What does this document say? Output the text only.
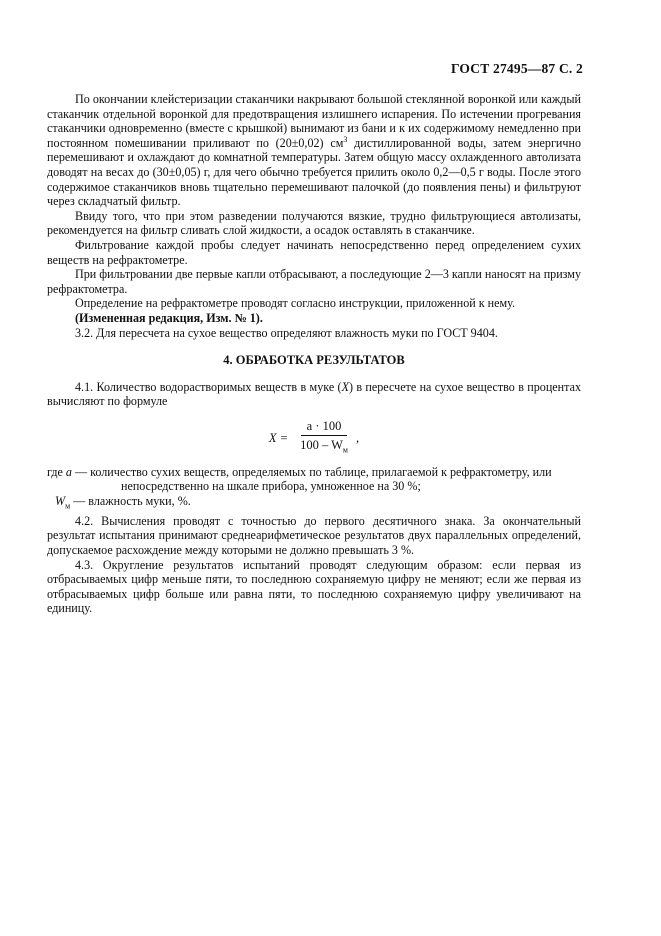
ГОСТ 27495—87 С. 2

По окончании клейстеризации стаканчики накрывают большой стеклянной воронкой или каждый стаканчик отдельной воронкой для предотвращения излишнего испарения. По истечении прогревания стаканчики одновременно (вместе с крышкой) вынимают из бани и к их содержимому немедленно при постоянном помешивании приливают по (20±0,02) $см^3$ дистиллированной воды, затем энергично перемешивают и охлаждают до комнатной температуры. Затем общую массу охлажденного автолизата доводят на весах до (30±0,05) г, для чего обычно требуется прилить около 0,2—0,5 г воды. После этого содержимое стаканчиков вновь тщательно перемешивают палочкой (до появления пены) и фильтруют через складчатый фильтр.

Ввиду того, что при этом разведении получаются вязкие, трудно фильтрующиеся автолизаты, рекомендуется на фильтр сливать слой жидкости, а осадок оставлять в стаканчике.

Фильтрование каждой пробы следует начинать непосредственно перед определением сухих веществ на рефрактометре.

При фильтровании две первые капли отбрасывают, а последующие 2—3 капли наносят на призму рефрактометра.

Определение на рефрактометре проводят согласно инструкции, приложенной к нему.

(Измененная редакция, Изм. № 1).

3.2. Для пересчета на сухое вещество определяют влажность муки по ГОСТ 9404.

4. ОБРАБОТКА РЕЗУЛЬТАТОВ

4.1. Количество водорастворимых веществ в муке (X) в пересчете на сухое вещество в процентах вычисляют по формуле

$X = \frac{a \cdot 100}{100 - W_м}$ ,

где a — количество сухих веществ, определяемых по таблице, прилагаемой к рефрактометру, или

непосредственно на шкале прибора, умноженное на 30 %;

$W_м$ — влажность муки, %.

4.2. Вычисления проводят с точностью до первого десятичного знака. За окончательный результат испытания принимают среднеарифметическое результатов двух параллельных определений, допускаемое расхождение между которыми не должно превышать 3 %.

4.3. Округление результатов испытаний проводят следующим образом: если первая из отбрасываемых цифр меньше пяти, то последнюю сохраняемую цифру не меняют; если же первая из отбрасываемых цифр больше или равна пяти, то последнюю сохраняемую цифру увеличивают на единицу.
